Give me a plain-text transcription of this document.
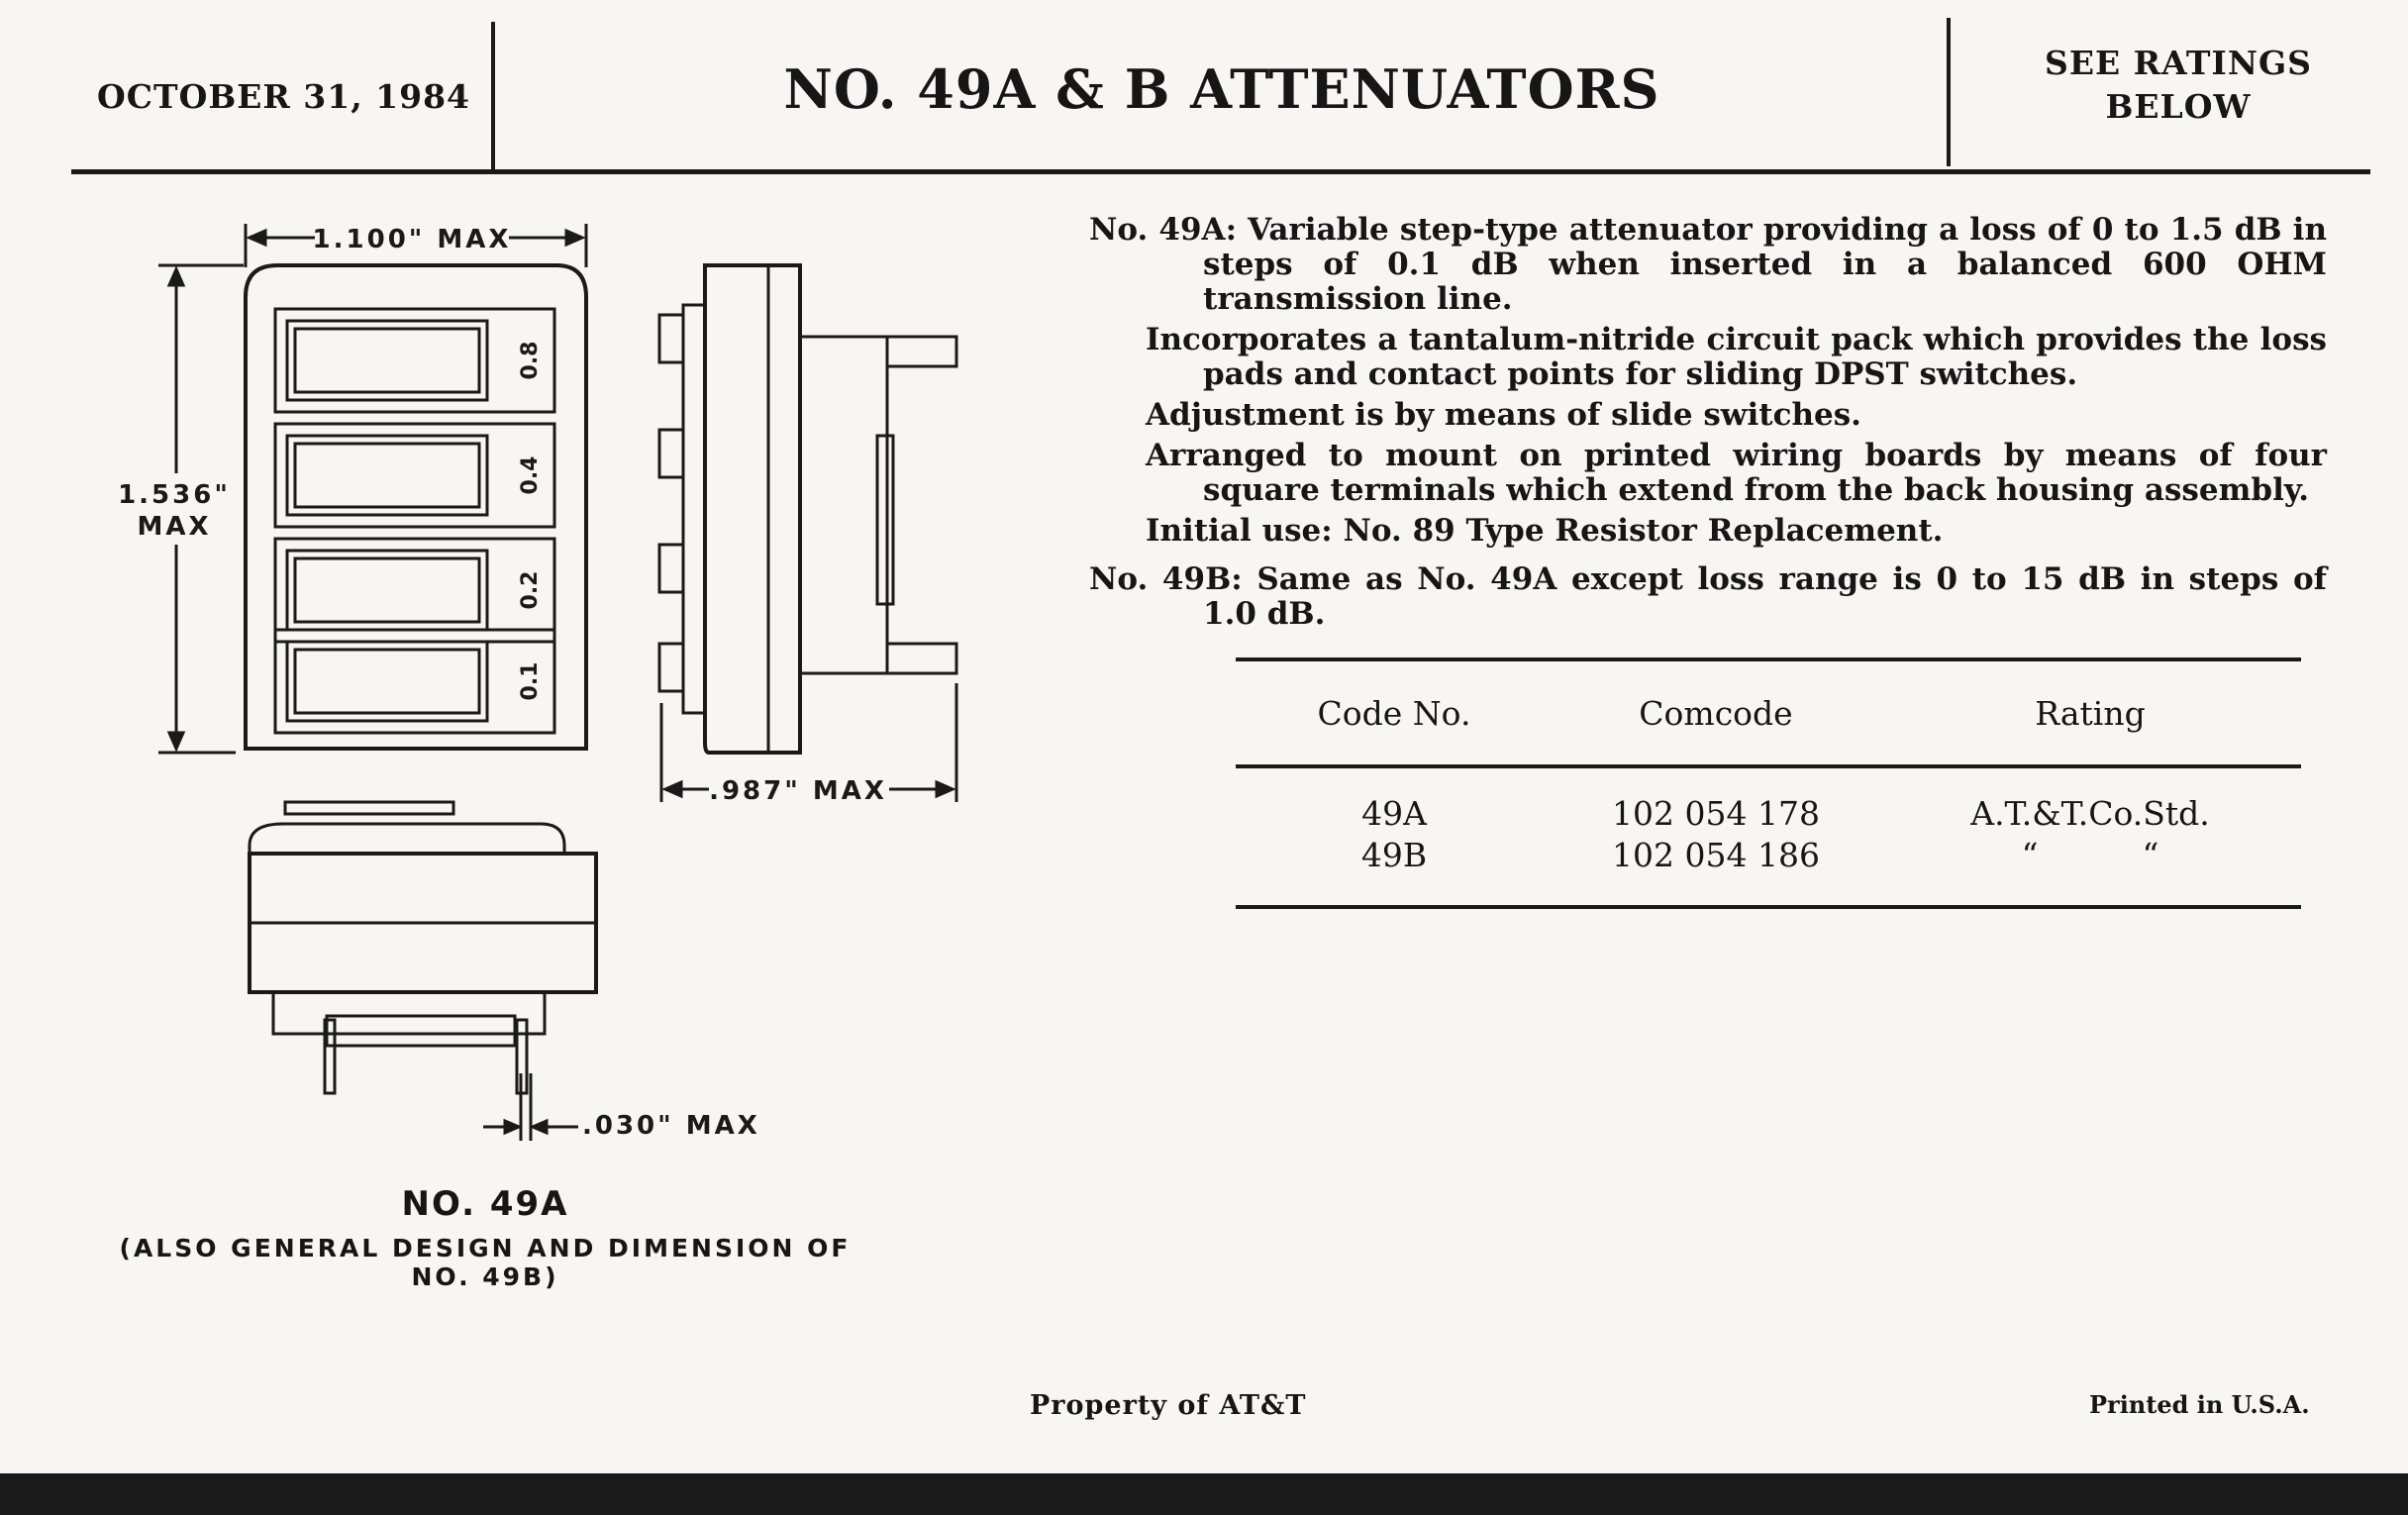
OCTOBER 31, 1984	NO. 49A & B ATTENUATORS	SEE RATINGS
BELOW
1.100" MAX
1.536"
MAX
.987" MAX
.030" MAX
0.8
0.4
0.2
0.1
NO. 49A
(ALSO GENERAL DESIGN AND DIMENSION OF NO. 49B)

No. 49A: Variable step-type attenuator providing a loss of 0 to 1.5 dB in steps of 0.1 dB when inserted in a balanced 600 OHM transmission line.

Incorporates a tantalum-nitride circuit pack which provides the loss pads and contact points for sliding DPST switches.

Adjustment is by means of slide switches.

Arranged to mount on printed wiring boards by means of four square terminals which extend from the back housing assembly.

Initial use: No. 89 Type Resistor Replacement.

No. 49B: Same as No. 49A except loss range is 0 to 15 dB in steps of 1.0 dB.

Code No.	Comcode	Rating
49A	102 054 178	A.T.&T.Co.Std.
49B	102 054 186	“          “
Property of AT&T	Printed in U.S.A.
